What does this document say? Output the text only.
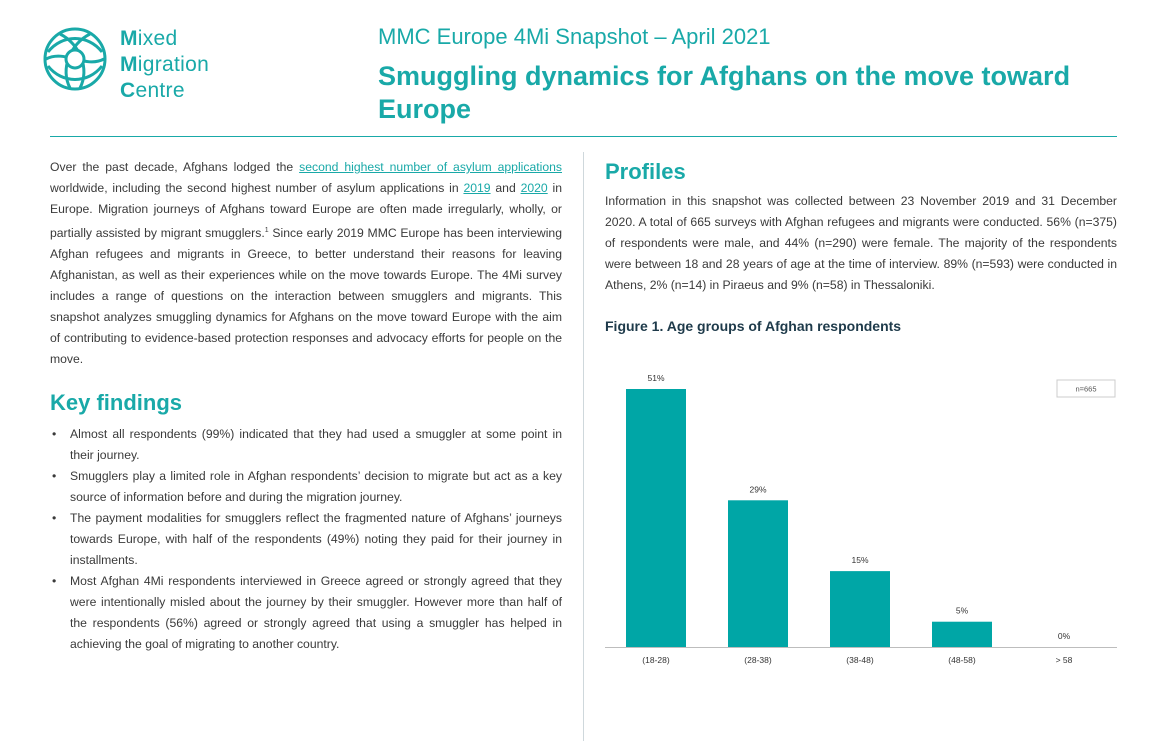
Mixed
Migration
Centre
MMC Europe 4Mi Snapshot – April 2021
Smuggling dynamics for Afghans on the move toward Europe

Over the past decade, Afghans lodged the second highest number of asylum applications worldwide, including the second highest number of asylum applications in 2019 and 2020 in Europe. Migration journeys of Afghans toward Europe are often made irregularly, wholly, or partially assisted by migrant smugglers.$^1$ Since early 2019 MMC Europe has been interviewing Afghan refugees and migrants in Greece, to better understand their reasons for leaving Afghanistan, as well as their experiences while on the move towards Europe. The 4Mi survey includes a range of questions on the interaction between smugglers and migrants. This snapshot analyzes smuggling dynamics for Afghans on the move toward Europe with the aim of contributing to evidence-based protection responses and advocacy efforts for people on the move.

Key findings
• Almost all respondents (99%) indicated that they had used a smuggler at some point in their journey.
• Smugglers play a limited role in Afghan respondents’ decision to migrate but act as a key source of information before and during the migration journey.
• The payment modalities for smugglers reflect the fragmented nature of Afghans’ journeys towards Europe, with half of the respondents (49%) noting they paid for their journey in installments.
• Most Afghan 4Mi respondents interviewed in Greece agreed or strongly agreed that they were intentionally misled about the journey by their smuggler. However more than half of the respondents (56%) agreed or strongly agreed that using a smuggler has helped in achieving the goal of migrating to another country.
Profiles

Information in this snapshot was collected between 23 November 2019 and 31 December 2020. A total of 665 surveys with Afghan refugees and migrants were conducted. 56% (n=375) of respondents were male, and 44% (n=290) were female. The majority of the respondents were between 18 and 28 years of age at the time of interview. 89% (n=593) were conducted in Athens, 2% (n=14) in Piraeus and 9% (n=58) in Thessaloniki.

Figure 1. Age groups of Afghan respondents
n=665
51%
(18-28)
29%
(28-38)
15%
(38-48)
5%
(48-58)
0%
> 58
